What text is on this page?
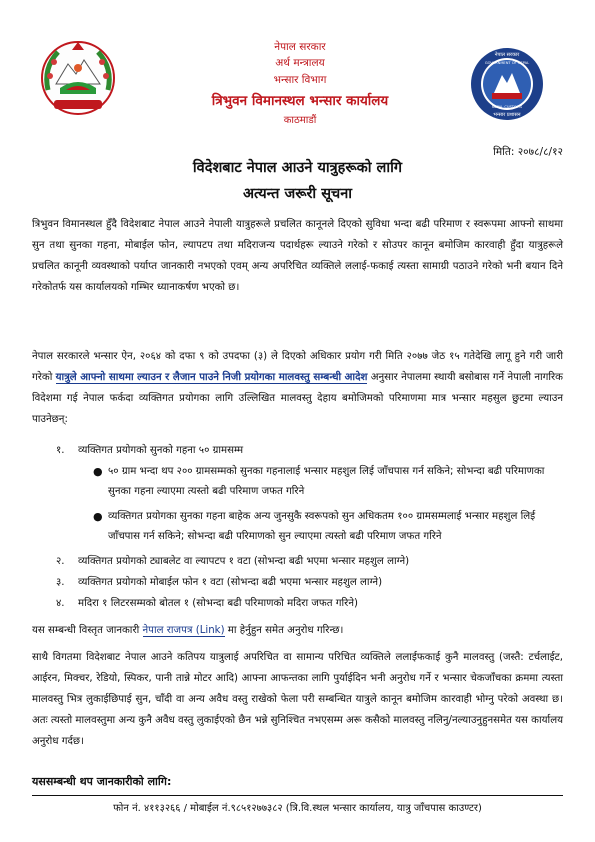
नेपाल सरकार
अर्थ मन्त्रालय
भन्सार विभाग
त्रिभुवन विमानस्थल भन्सार कार्यालय
काठमाडौं
नेपाल सरकार
भन्सार प्रशासन
GOVERNMENT OF NEPAL
NEPAL CUSTOMS
मिति: २०७८/८/१२
विदेशबाट नेपाल आउने यात्रुहरूको लागि
अत्यन्त जरूरी सूचना

त्रिभुवन विमानस्थल हुँदै विदेशबाट नेपाल आउने नेपाली यात्रुहरूले प्रचलित कानूनले दिएको सुविधा भन्दा बढी परिमाण र स्वरूपमा आफ्नो साथमा सुन तथा सुनका गहना, मोबाईल फोन, ल्यापटप तथा मदिराजन्य पदार्थहरू ल्याउने गरेको र सोउपर कानून बमोजिम कारवाही हुँदा यात्रुहरूले प्रचलित कानूनी व्यवस्थाको पर्याप्त जानकारी नभएको एवम् अन्य अपरिचित व्यक्तिले ललाई-फकाई त्यस्ता सामाग्री पठाउने गरेको भनी बयान दिने गरेकोतर्फ यस कार्यालयको गम्भिर ध्यानाकर्षण भएको छ।

नेपाल सरकारले भन्सार ऐन, २०६४ को दफा ९ को उपदफा (३) ले दिएको अधिकार प्रयोग गरी मिति २०७७ जेठ १५ गतेदेखि लागू हुने गरी जारी गरेको यात्रुले आफ्नो साथमा ल्याउन र लैजान पाउने निजी प्रयोगका मालवस्तु सम्बन्धी आदेश अनुसार नेपालमा स्थायी बसोबास गर्ने नेपाली नागरिक विदेशमा गई नेपाल फर्कदा व्यक्तिगत प्रयोगका लागि उल्लिखित मालवस्तु देहाय बमोजिमको परिमाणमा मात्र भन्सार महसुल छुटमा ल्याउन पाउनेछन्:

१. व्यक्तिगत प्रयोगको सुनको गहना ५० ग्रामसम्म
● ५० ग्राम भन्दा थप २०० ग्रामसम्मको सुनका गहनालाई भन्सार महशुल लिई जाँचपास गर्न सकिने; सोभन्दा बढी परिमाणका सुनका गहना ल्याएमा त्यस्तो बढी परिमाण जफत गरिने
● व्यक्तिगत प्रयोगका सुनका गहना बाहेक अन्य जुनसुकै स्वरूपको सुन अधिकतम १०० ग्रामसम्मलाई भन्सार महशुल लिई जाँचपास गर्न सकिने; सोभन्दा बढी परिमाणको सुन ल्याएमा त्यस्तो बढी परिमाण जफत गरिने
२. व्यक्तिगत प्रयोगको ट्याबलेट वा ल्यापटप १ वटा (सोभन्दा बढी भएमा भन्सार महशुल लाग्ने)
३. व्यक्तिगत प्रयोगको मोबाईल फोन १ वटा (सोभन्दा बढी भएमा भन्सार महशुल लाग्ने)
४. मदिरा १ लिटरसम्मको बोतल १ (सोभन्दा बढी परिमाणको मदिरा जफत गरिने)

यस सम्बन्धी विस्तृत जानकारी नेपाल राजपत्र (Link) मा हेर्नुहुन समेत अनुरोध गरिन्छ।

साथै विगतमा विदेशबाट नेपाल आउने कतिपय यात्रुलाई अपरिचित वा सामान्य परिचित व्यक्तिले ललाईफकाई कुनै मालवस्तु (जस्तै: टर्चलाईट, आईरन, मिक्चर, रेडियो, स्पिकर, पानी तान्ने मोटर आदि) आफ्ना आफन्तका लागि पुर्याईदिन भनी अनुरोध गर्ने र भन्सार चेकजाँचका क्रममा त्यस्ता मालवस्तु भित्र लुकाईछिपाई सुन, चाँदी वा अन्य अवैध वस्तु राखेको फेला परी सम्बन्धित यात्रुले कानून बमोजिम कारवाही भोग्नु परेको अवस्था छ। अतः त्यस्तो मालवस्तुमा अन्य कुनै अवैध वस्तु लुकाईएको छैन भन्ने सुनिश्चित नभएसम्म अरू कसैको मालवस्तु नलिनु/नल्याउनुहुनसमेत यस कार्यालय अनुरोध गर्दछ।

यससम्बन्धी थप जानकारीको लागि:
फोन नं. ४११३२६६ / मोबाईल नं.९८५१२७७३८२ (त्रि.वि.स्थल भन्सार कार्यालय, यात्रु जाँचपास काउण्टर)
